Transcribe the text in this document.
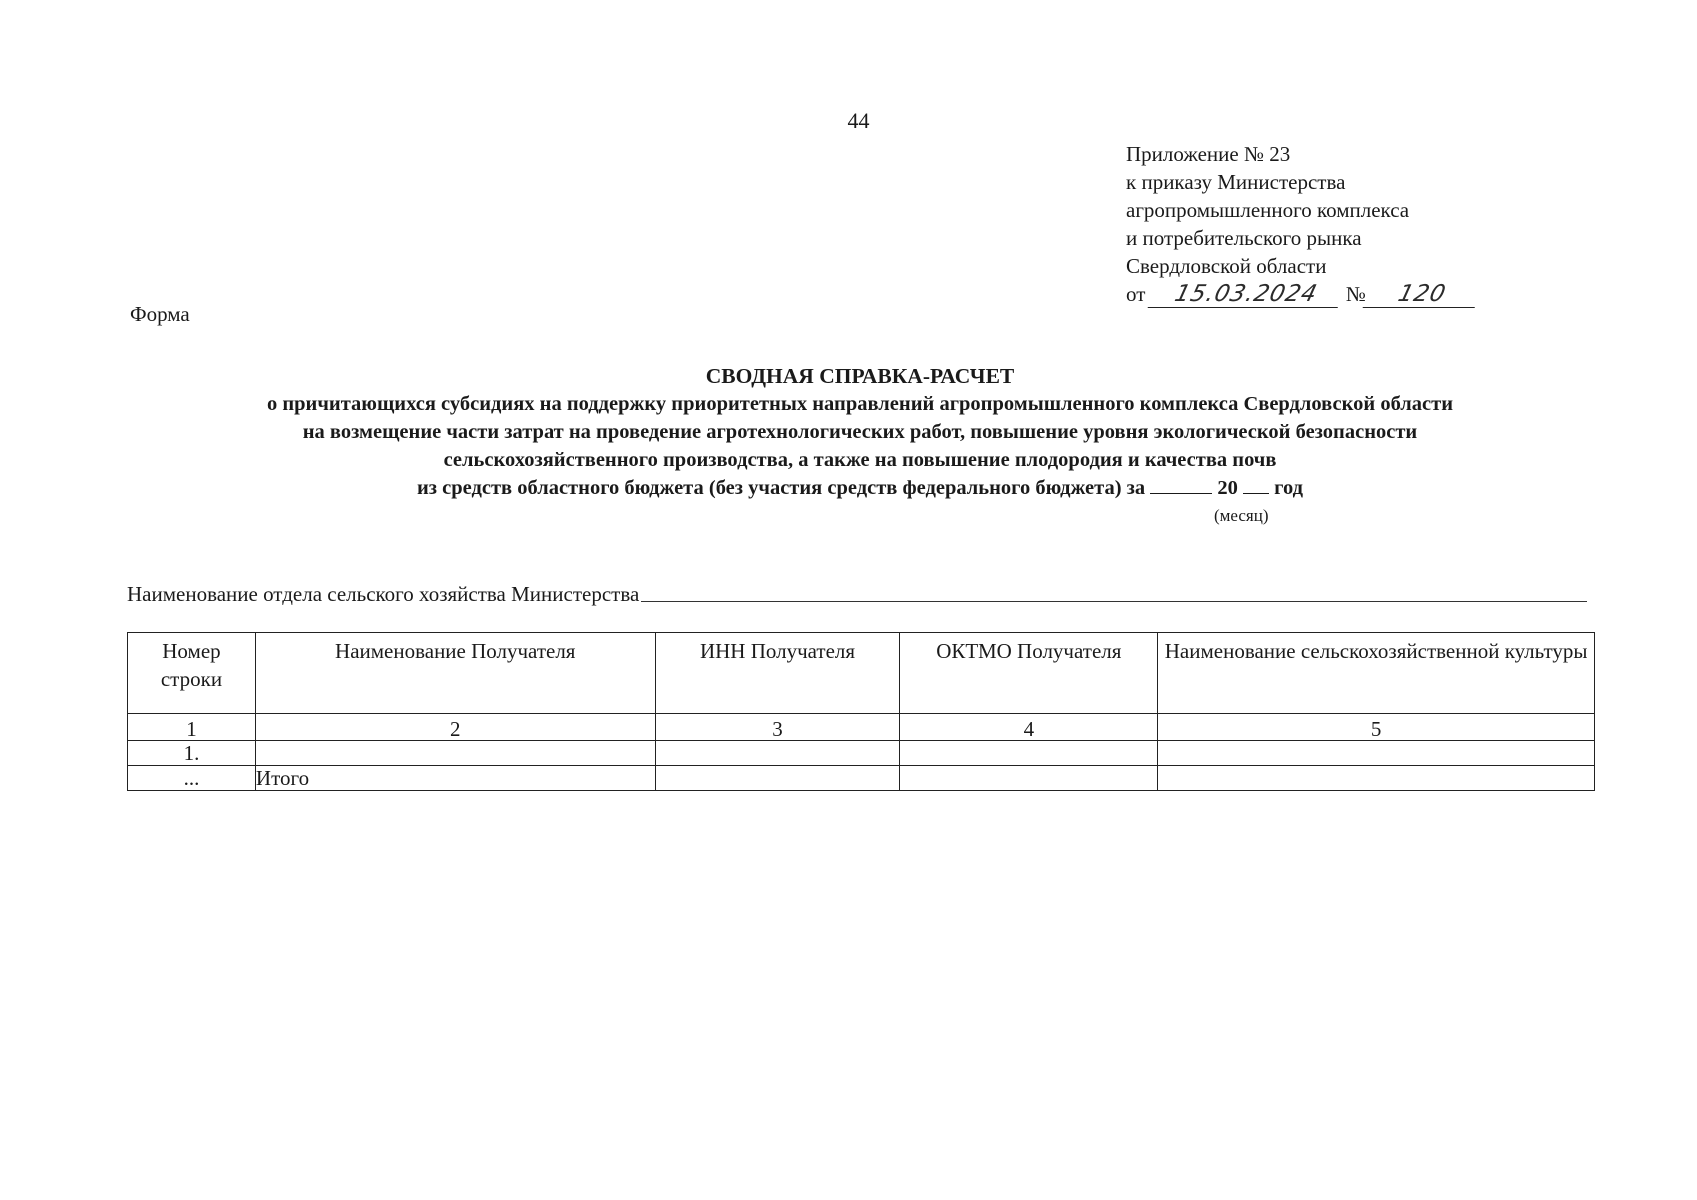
44
Приложение № 23
к приказу Министерства
агропромышленного комплекса
и потребительского рынка
Свердловской области
от 15.03.2024 № 120
Форма
СВОДНАЯ СПРАВКА-РАСЧЕТ
о причитающихся субсидиях на поддержку приоритетных направлений агропромышленного комплекса Свердловской области
на возмещение части затрат на проведение агротехнологических работ, повышение уровня экологической безопасности
сельскохозяйственного производства, а также на повышение плодородия и качества почв
из средств областного бюджета (без участия средств федерального бюджета) за	20 год
(месяц)
Наименование отдела сельского хозяйства Министерства
Номер строки	Наименование Получателя	ИНН Получателя	ОКТМО Получателя	Наименование сельскохозяйственной культуры
1	2	3	4	5
1.				
...	Итого			
